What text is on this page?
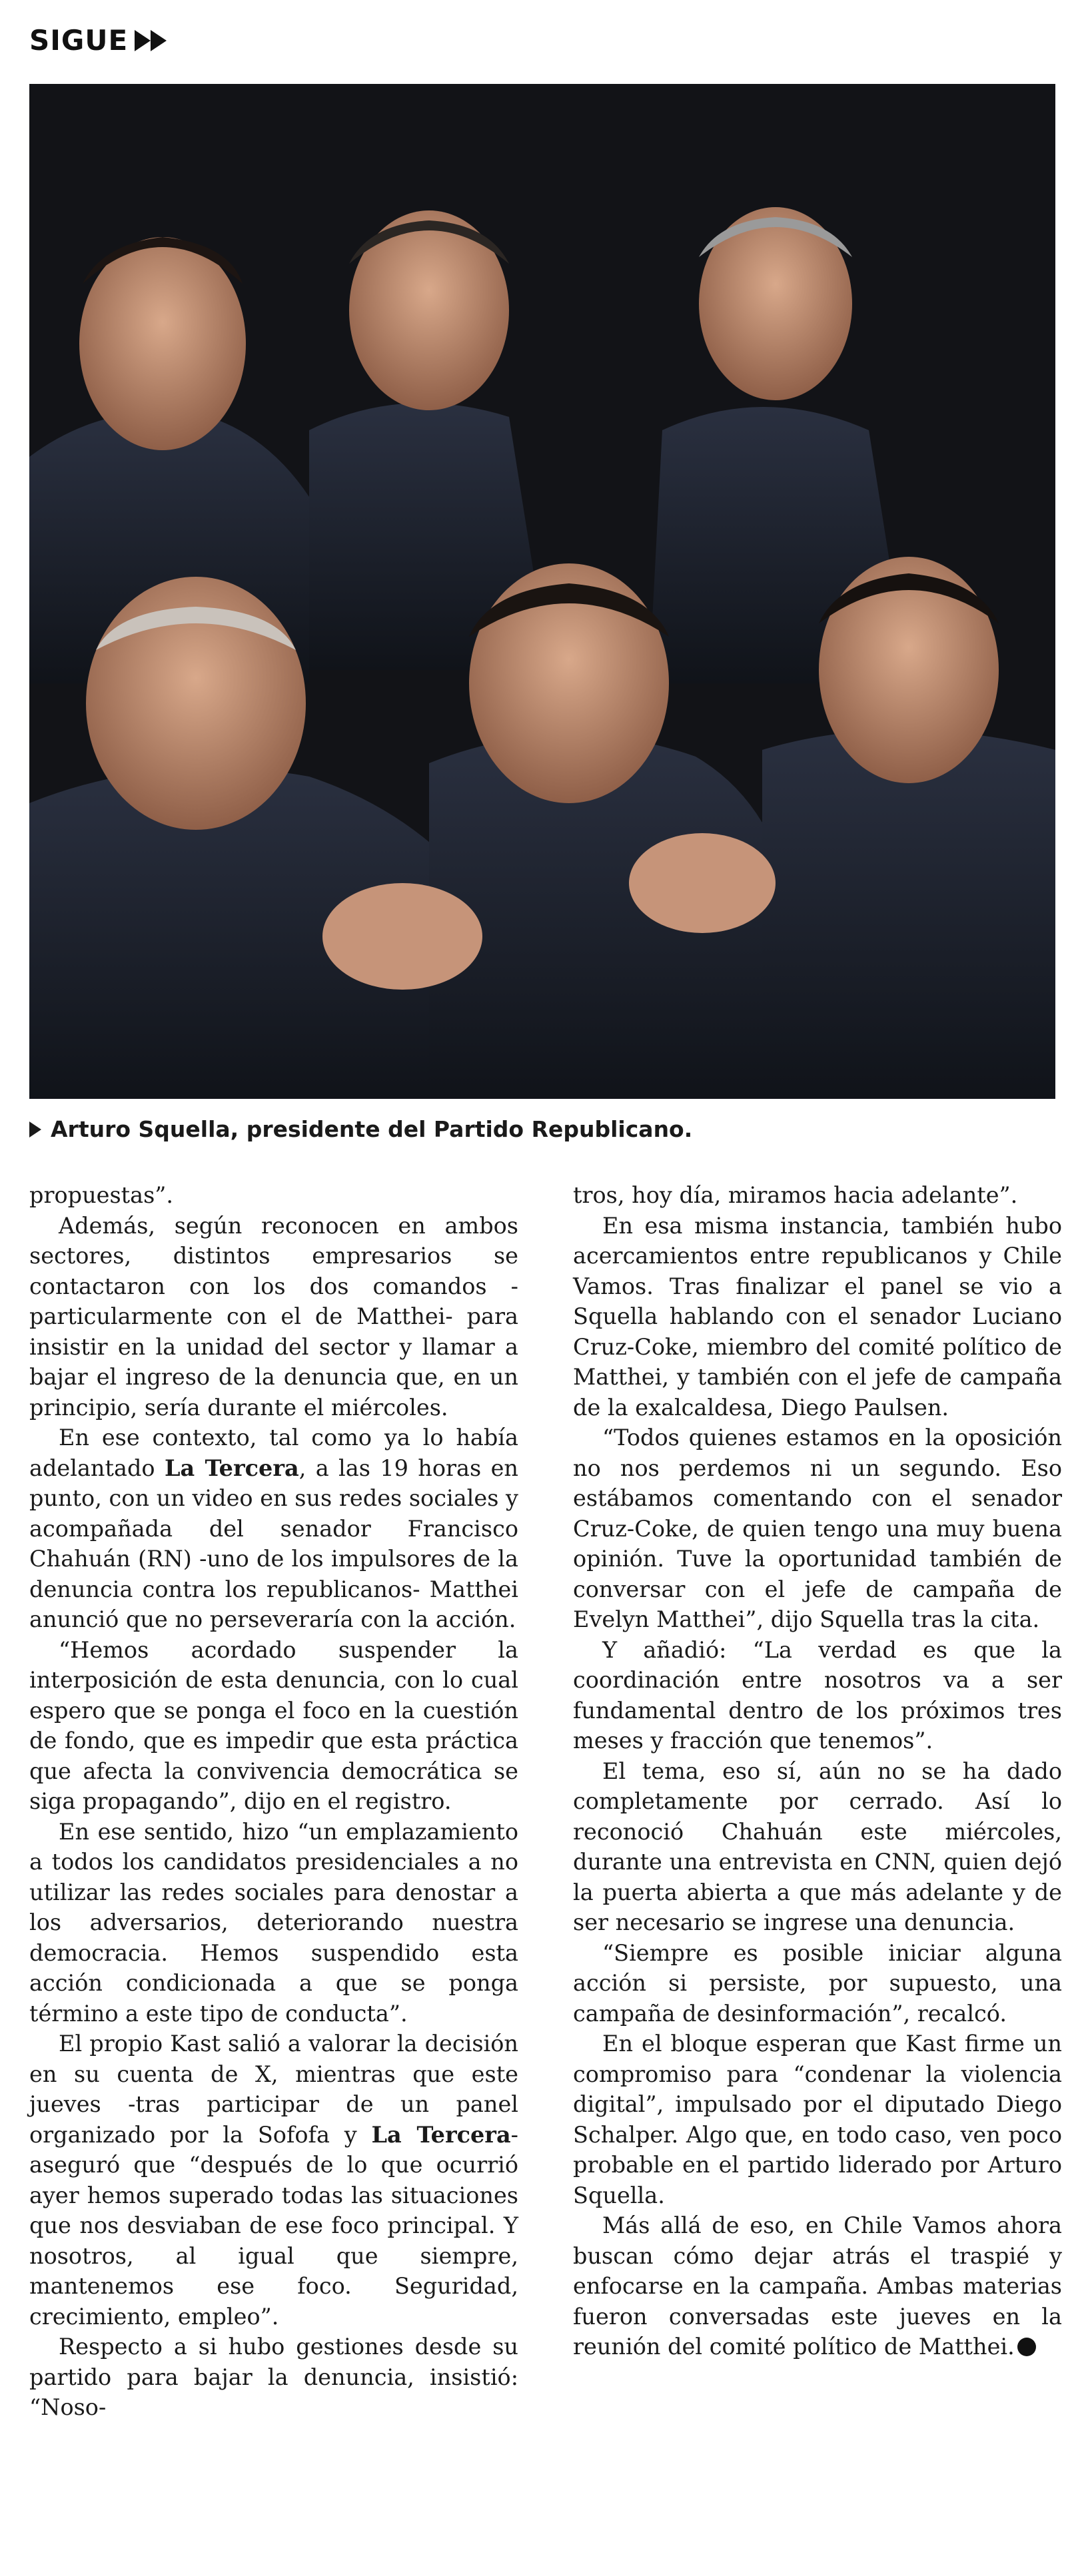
SIGUE
Arturo Squella, presidente del Partido Republicano.

propuestas”.

Además, según reconocen en ambos sectores, distintos empresarios se contactaron con los dos comandos -particularmente con el de Matthei- para insistir en la unidad del sector y llamar a bajar el ingreso de la denuncia que, en un principio, sería durante el miércoles.

En ese contexto, tal como ya lo había adelantado La Tercera, a las 19 horas en punto, con un video en sus redes sociales y acompañada del senador Francisco Chahuán (RN) -uno de los impulsores de la denuncia contra los republicanos- Matthei anunció que no perseveraría con la acción.

“Hemos acordado suspender la interposición de esta denuncia, con lo cual espero que se ponga el foco en la cuestión de fondo, que es impedir que esta práctica que afecta la convivencia democrática se siga propagando”, dijo en el registro.

En ese sentido, hizo “un emplazamiento a todos los candidatos presidenciales a no utilizar las redes sociales para denostar a los adversarios, deteriorando nuestra democracia. Hemos suspendido esta acción condicionada a que se ponga término a este tipo de conducta”.

El propio Kast salió a valorar la decisión en su cuenta de X, mientras que este jueves -tras participar de un panel organizado por la Sofofa y La Tercera- aseguró que “después de lo que ocurrió ayer hemos superado todas las situaciones que nos desviaban de ese foco principal. Y nosotros, al igual que siempre, mantenemos ese foco. Seguridad, crecimiento, empleo”.

Respecto a si hubo gestiones desde su partido para bajar la denuncia, insistió: “Noso-

tros, hoy día, miramos hacia adelante”.

En esa misma instancia, también hubo acercamientos entre republicanos y Chile Vamos. Tras finalizar el panel se vio a Squella hablando con el senador Luciano Cruz-Coke, miembro del comité político de Matthei, y también con el jefe de campaña de la exalcaldesa, Diego Paulsen.

“Todos quienes estamos en la oposición no nos perdemos ni un segundo. Eso estábamos comentando con el senador Cruz-Coke, de quien tengo una muy buena opinión. Tuve la oportunidad también de conversar con el jefe de campaña de Evelyn Matthei”, dijo Squella tras la cita.

Y añadió: “La verdad es que la coordinación entre nosotros va a ser fundamental dentro de los próximos tres meses y fracción que tenemos”.

El tema, eso sí, aún no se ha dado completamente por cerrado. Así lo reconoció Chahuán este miércoles, durante una entrevista en CNN, quien dejó la puerta abierta a que más adelante y de ser necesario se ingrese una denuncia.

“Siempre es posible iniciar alguna acción si persiste, por supuesto, una campaña de desinformación”, recalcó.

En el bloque esperan que Kast firme un compromiso para “condenar la violencia digital”, impulsado por el diputado Diego Schalper. Algo que, en todo caso, ven poco probable en el partido liderado por Arturo Squella.

Más allá de eso, en Chile Vamos ahora buscan cómo dejar atrás el traspié y enfocarse en la campaña. Ambas materias fueron conversadas este jueves en la reunión del comité político de Matthei.
